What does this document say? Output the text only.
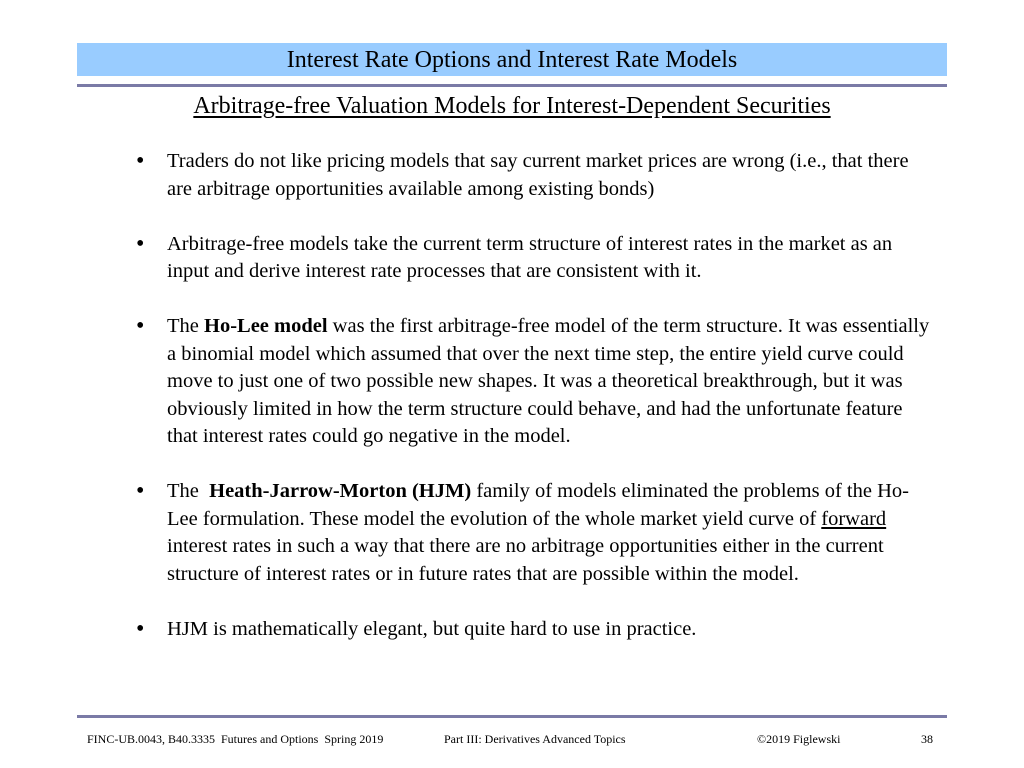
Interest Rate Options and Interest Rate Models
Arbitrage-free Valuation Models for Interest-Dependent Securities
• Traders do not like pricing models that say current market prices are wrong (i.e., that there are arbitrage opportunities available among existing bonds)
• Arbitrage-free models take the current term structure of interest rates in the market as an input and derive interest rate processes that are consistent with it.
• The Ho-Lee model was the first arbitrage-free model of the term structure. It was essentially a binomial model which assumed that over the next time step, the entire yield curve could move to just one of two possible new shapes. It was a theoretical breakthrough, but it was obviously limited in how the term structure could behave, and had the unfortunate feature that interest rates could go negative in the model.
• The  Heath-Jarrow-Morton (HJM) family of models eliminated the problems of the Ho-Lee formulation. These model the evolution of the whole market yield curve of forward interest rates in such a way that there are no arbitrage opportunities either in the current structure of interest rates or in future rates that are possible within the model.
• HJM is mathematically elegant, but quite hard to use in practice.
FINC-UB.0043, B40.3335  Futures and Options  Spring 2019	Part III: Derivatives Advanced Topics	©2019 Figlewski	38
